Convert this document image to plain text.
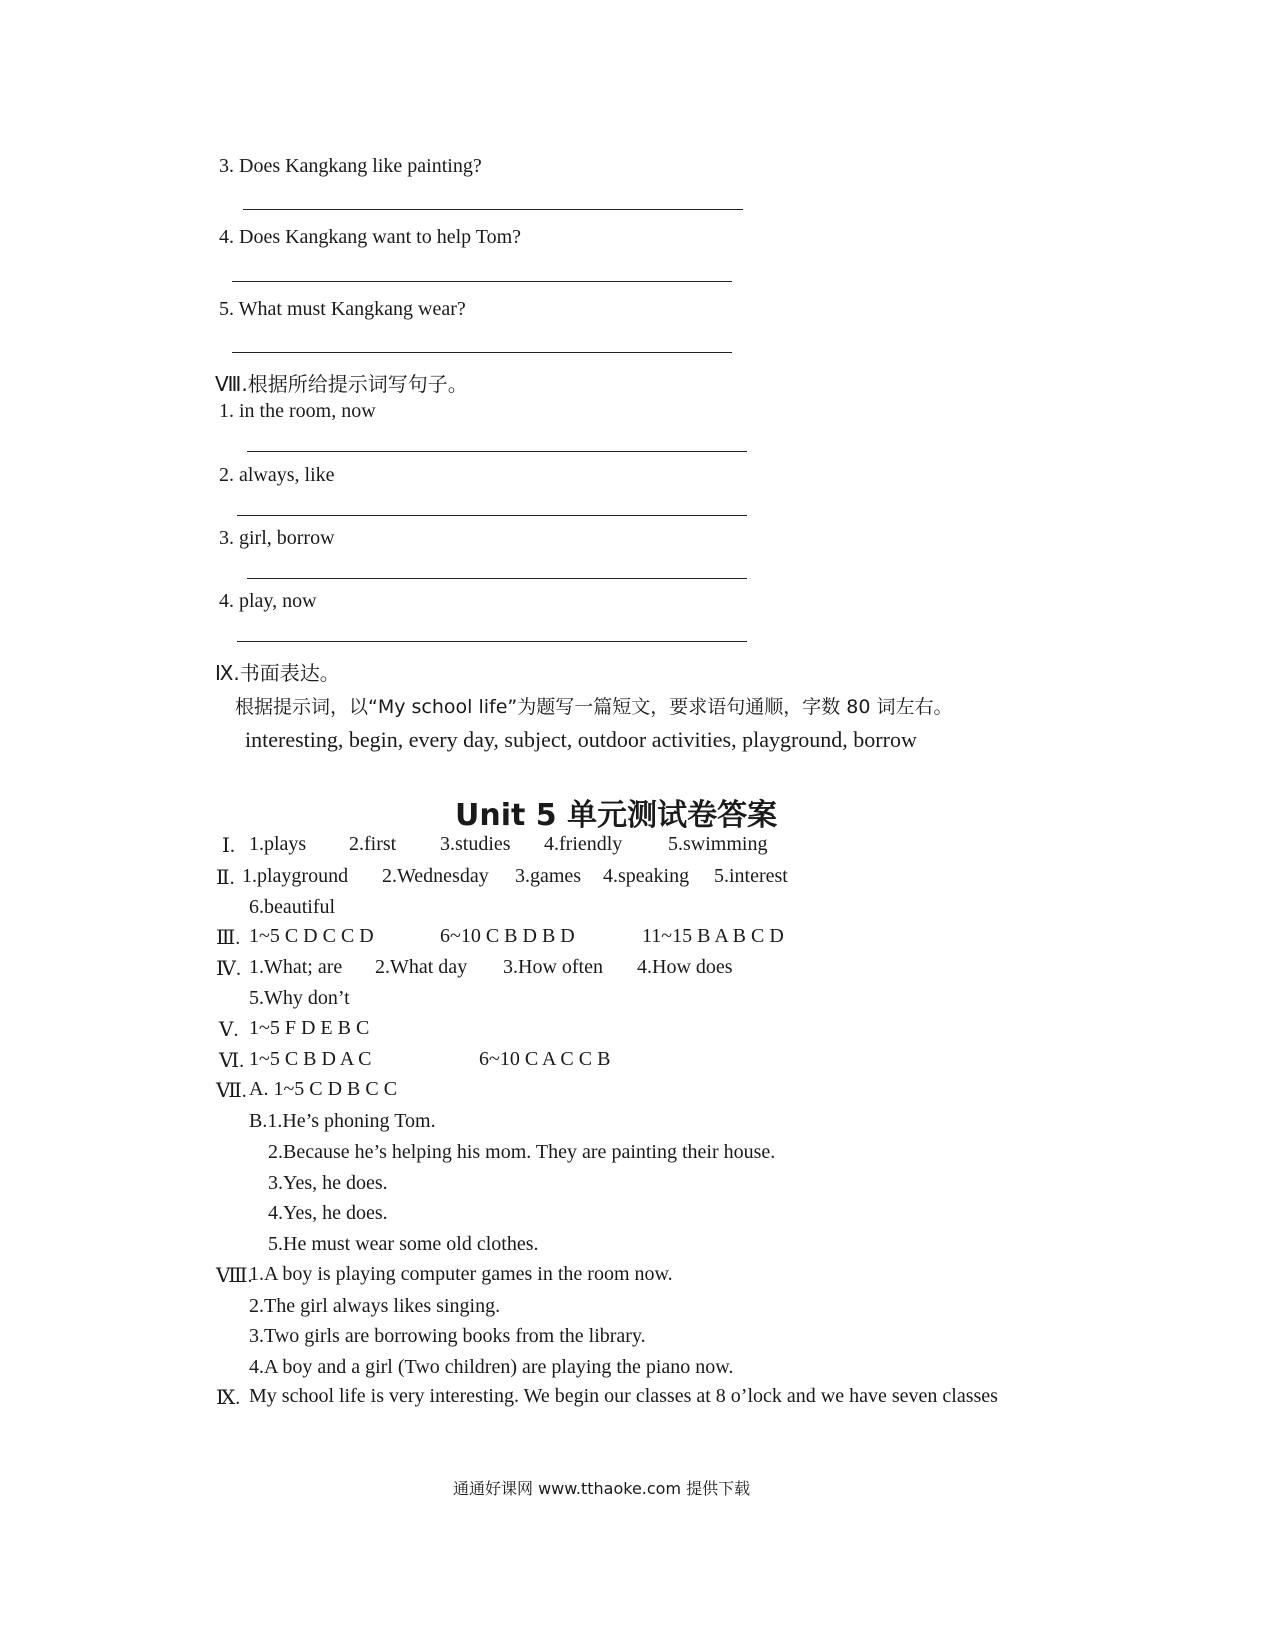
3. Does Kangkang like painting?
4. Does Kangkang want to help Tom?
5. What must Kangkang wear?
Ⅷ.根据所给提示词写句子。
1. in the room, now
2. always, like
3. girl, borrow
4. play, now
Ⅸ.书面表达。
根据提示词，以“My school life”为题写一篇短文，要求语句通顺，字数 80 词左右。
interesting, begin, every day, subject, outdoor activities, playground, borrow
Unit 5 单元测试卷答案
Ⅰ. 1.plays 2.first 3.studies 4.friendly 5.swimming
Ⅱ. 1.playground 2.Wednesday 3.games 4.speaking 5.interest
6.beautiful
Ⅲ. 1~5 C D C C D	6~10 C B D B D	11~15 B A B C D
Ⅳ. 1.What; are 2.What day 3.How often 4.How does
5.Why don’t
Ⅴ. 1~5 F D E B C
Ⅵ. 1~5 C B D A C	6~10 C A C C B
Ⅶ. A. 1~5 C D B C C
B.1.He’s phoning Tom.
2.Because he’s helping his mom. They are painting their house.
3.Yes, he does.
4.Yes, he does.
5.He must wear some old clothes.
Ⅷ.
1.A boy is playing computer games in the room now.
2.The girl always likes singing.
3.Two girls are borrowing books from the library.
4.A boy and a girl (Two children) are playing the piano now.
Ⅸ. My school life is very interesting. We begin our classes at 8 o’lock and we have seven classes
通通好课网 www.tthaoke.com 提供下载
